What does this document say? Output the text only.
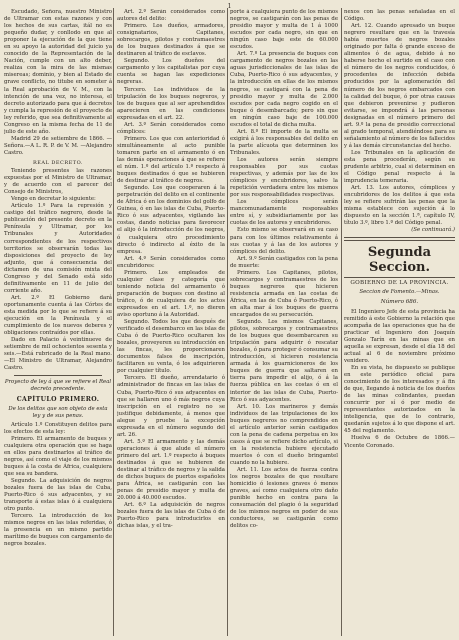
1

Escudado, Señora, nuestro Ministro de Ultramar con estas razones y con los hechos de sus cartas, itál no es pequeño dudar, y conllodo en que al proponer la ejecución de la que tiene en su apoyo la autoridad del juicio ya conocido de la Representación de la Nación, cumple con un alto deber, realiza con la mira de las mismas misereas; dominio, y bien al Estado de grave conflicto, no titube en someter á la Real aprobación de V. M., con la intención de una vez, no interesa, el decreto autorizado para que á decretos y cumpla la represión de el proyecto de ley referido, que sea definitivamente al Congreso en la misma fecha de 11 de julio de este año.

Madrid 29 de setiembre de 1866. —Señora.—A L. R. P. de V. M. —Alejandro Castro.

REAL DECRETO.

Teniendo presentes las razones expuestas por el Ministro de Ultramar, y de acuerdo con el parecer del Consejo de Ministros,

Vengo en decretar lo siguiente:

Artículo 1.º Para la represión y castigo del tráfico negrero, desde la publicación del presente decreto en la Península y Ultramar, por los Tribunales y Autoridades correspondientes de los respectivos territorios se observarán todas las disposiciones del proyecto de ley adjunto, que á consecuencia del dictamen de una comisión mixta del Congreso y del Senado está sido definitivamente en 11 de julio del corriente año.

Art. 2.º El Gobierno dará oportunamente cuenta á las Córtes de esta medida por lo que se refiere á su ejecución en la Península y el cumplimiento de los nuevos deberes y obligaciones contraídos por ellas.

Dado en Palacio á veintinueve de setiembre de mil ochocientos sesenta y seis.—Está rubricado de la Real mano.—El Ministro de Ultramar, Alejandro Castro.

Proyecto de ley á que se refiere el Real decreto precedente.
CAPÍTULO PRIMERO.
De los delitos que son objeto de esta ley y de sus penas.

Artículo 1.º Constituyen delitos para los efectos de esta ley:

Primero. El armamento de buques y cualquiera otra operación que se haga en ellos para destinarlos al tráfico de negros, así como el viaje de los mismos buques á la costa de África, cualquiera que sea su bandera.

Segundo. La adquisición de negros bozales fuera de las islas de Cuba, Puerto-Rico ó sus adyacentes, y su transporte á estas islas ó á cualquiera otro punto.

Tercero. La introducción de los mismos negros en las islas referidas, ó la presencia en un mismo partido marítimo de buques con cargamento de negros bozales.

Art. 2.º Serán considerados como autores del delito:

Primero. Los dueños, armadores, consignatarios, Capitanes, sobrecargos, pilotos y contramaestres de los buques destinados á que se destinaren al tráfico de esclavos.

Segundo. Los dueños del cargamento y los capitalistas por cuya cuenta se hagan las expediciones negreras.

Tercero. Los individuos de la tripulación de los buques negreros, y los de buques que al ser aprehendidos aparecieren en las condiciones expresadas en el art. 22.

Art. 3.º Serán considerados como cómplices:

Primero. Los que con anterioridad ó simultáneamente al acto punible tomaren parte en el armamento ó en las demás operaciones á que se refiere el núm. 1.º del artículo 1.º respecto á buques destinados ó que se hubieren de destinar al tráfico de negros.

Segundo. Los que cooperaren á la perpetración del delito en el continente de África ó en los dominios del golfo de Guinea, ó en las islas de Cuba, Puerto-Rico ó sus adyacentes, vigilando las costas, dando noticias para favorecer el alijo ó la introducción de los negros, ó cualquiera otro procedimiento directo ó indirecto al éxito de la empresa.

Art. 4.º Serán considerados como encubridores:

Primero. Los empleados de cualquier clase y categoría que teniendo noticia del armamento ó preparación de buques con destino al tráfico, ó de cualquiera de los actos expresados en el art. 1.º, no dieren aviso oportuno á la Autoridad.

Segundo. Todos los que después de verificado el desembarco en las islas de Cuba ó de Puerto-Rico ocultaren los bozales, proveyeren su introducción en las fincas, les proporcionaren documentos falsos de inscripción, facilitaren su venta, ó los adquirieren por cualquier título.

Tercero. El dueño, arrendatario ó administrador de fincas en las islas de Cuba, Puerto-Rico ó sus adyacentes en que se hallaren uno ó más negros cuya inscripción en el registro no se justifique debidamente, á menos que alegue y pruebe la excepción expresada en el número segundo del art. 26.

Art. 5.º El armamento y las demás operaciones á que alude el número primero del art. 1.º respecto á buques destinados á que se hubieren de destinar al tráfico de negros y la salida de dichos buques de puertos españoles para África, se castigarán con las penas de presidio mayor y multa de 20.000 á 40.000 escudos.

Art. 6.º La adquisición de negros bozales fuera de las islas de Cuba ó de Puerto-Rico para introducirlos en dichas islas, y el tra-

porte á cualquiera punto de los mismos negros, se castigarán con las penas de presidio mayor y multa de 1 á 1000 escudos por cada negro, sin que en ningún caso baje este de 60.000 escudos.

Art. 7.º La presencia de buques con cargamento de negros bozales en las aguas jurisdiccionales de las islas de Cuba, Puerto-Rico ó sus adyacentes, y la introducción en ellas de los mismos negros, se castigará con la pena de presidio mayor y multa de 2.000 escudos por cada negro cogido en el buque ó desembarcado; pero sin que en ningún caso baje de 100.000 escudos el total de dicha multa.

Art. 8.º El importe de la multa se exigirá á los responsables del delito en la parte alícuota que determinen los Tribunales.

Los autores serán siempre responsables por sus cuotas respectivas, y además por las de los cómplices y encubridores, salvo la repetición verdadera entre los mismos por sus responsabilidades respectivas.

Los cómplices serán mancomunadamente responsables entre sí, y subsidiariamente por las cuotas de los autores y encubridores.

Esto mismo se observará en su caso para con los últimos relativamente á sus cuotas y á las de los autores y cómplices del delito.

Art. 9.º Serán castigados con la pena de muerte:

Primero. Los Capitanes, pilotos, sobrecargos y contramaestres de los buques negreros que hicieren resistencia armada en las costas de África, en las de Cuba ó Puerto-Rico, ó en alta mar á los buques de guerra encargados de su persecución.

Segundo. Los mismos Capitanes, pilotos, sobrecargos y contramaestres de los buques que desembarcaren su tripulación para adquirir ó rescatar bozales, ó para proteger ó consumar su introducción, si hicieren resistencia armada á los guarnicioneros de los buques de guerra que saltaren en tierra para impedir el alijo, ó á la fuerza pública en las costas ó en el interior de las islas de Cuba, Puerto-Rico ó sus adyacentes.

Art. 10. Los marineros y demás individuos de las tripulaciones de los buques negreros no comprendidos en el artículo anterior serán castigados con la pena de cadena perpetua en los casos á que se refiere dicho artículo, si en la resistencia hubiere ejecutado muertos ó con el dueño bringamtel cuando no la hubiere.

Art. 11. Los actos de fuerza contra los negros bozales de que resultare homicidio ó lesiones graves ó menos graves, así como cualquiera otro daño punible hecho en contra para la consumación del plagio ó la seguridad de los mismos negros en poder de sus conductores, se castigarán como delitos co-

nexos con las penas señaladas en el Código.

Art. 12. Cuando apresado un buque negrero resultare que en la travesía había muertos de negros bozales originado por falta ó grande exceso de alimentos ó de agua, debido á no haberse hecho el surtido en el caso con el número de los negros conducidos, ó procedentes de infección debida producidos por la aglomeración del número de los negros embarcados con la calidad del buque, ó por otras causas que debieron prevenirse y pudieron evitarse, se impondrá á las personas designadas en el número primero del art. 9.º la pena de presidio correccional al grado temporal, atendiéndose para su señalamiento al número de los fallecidos y á las demás circunstancias del hecho.

Los Tribunales en la aplicación de esta pena procederán, según su prudente arbitrio, cual si determinen en el Código penal respecto á la imprudencia temeraria.

Art. 13. Los autores, cómplices y encubridores de los delitos á que esta ley se refiere sufrirán las penas que la misma establece con sujeción á lo dispuesto en la sección 1.ª, capítulo IV, título 3.º, libro 1.º del Código penal.

(Se continuará.)
Segunda Seccion.
GOBIERNO DE LA PROVINCIA.
Seccion de Fomento.—Minas.
Número 686.

El Ingeniero Jefe de esta provincia ha remitido á este Gobierno la relación que acompaña de las operaciones que ha de practicar el Ingeniero don Joaquín Gonzalo Tarín en las minas que en aquella se expresan, desde el día 18 del actual al 6 de noviembre próximo venidero.

En su vista, he dispuesto se publique en este periódico oficial para conocimiento de los interesados y á fin de que, llegando á noticia de los dueños de las minas colindantes, puedan concurrir por sí ó por medio de representantes autorizados en la inteligencia, que de lo contrario, quedarán sujetos á lo que dispone el art. 45 del reglamento.

Huelva 6 de Octubre de 1866.—Vicente Coronado.
